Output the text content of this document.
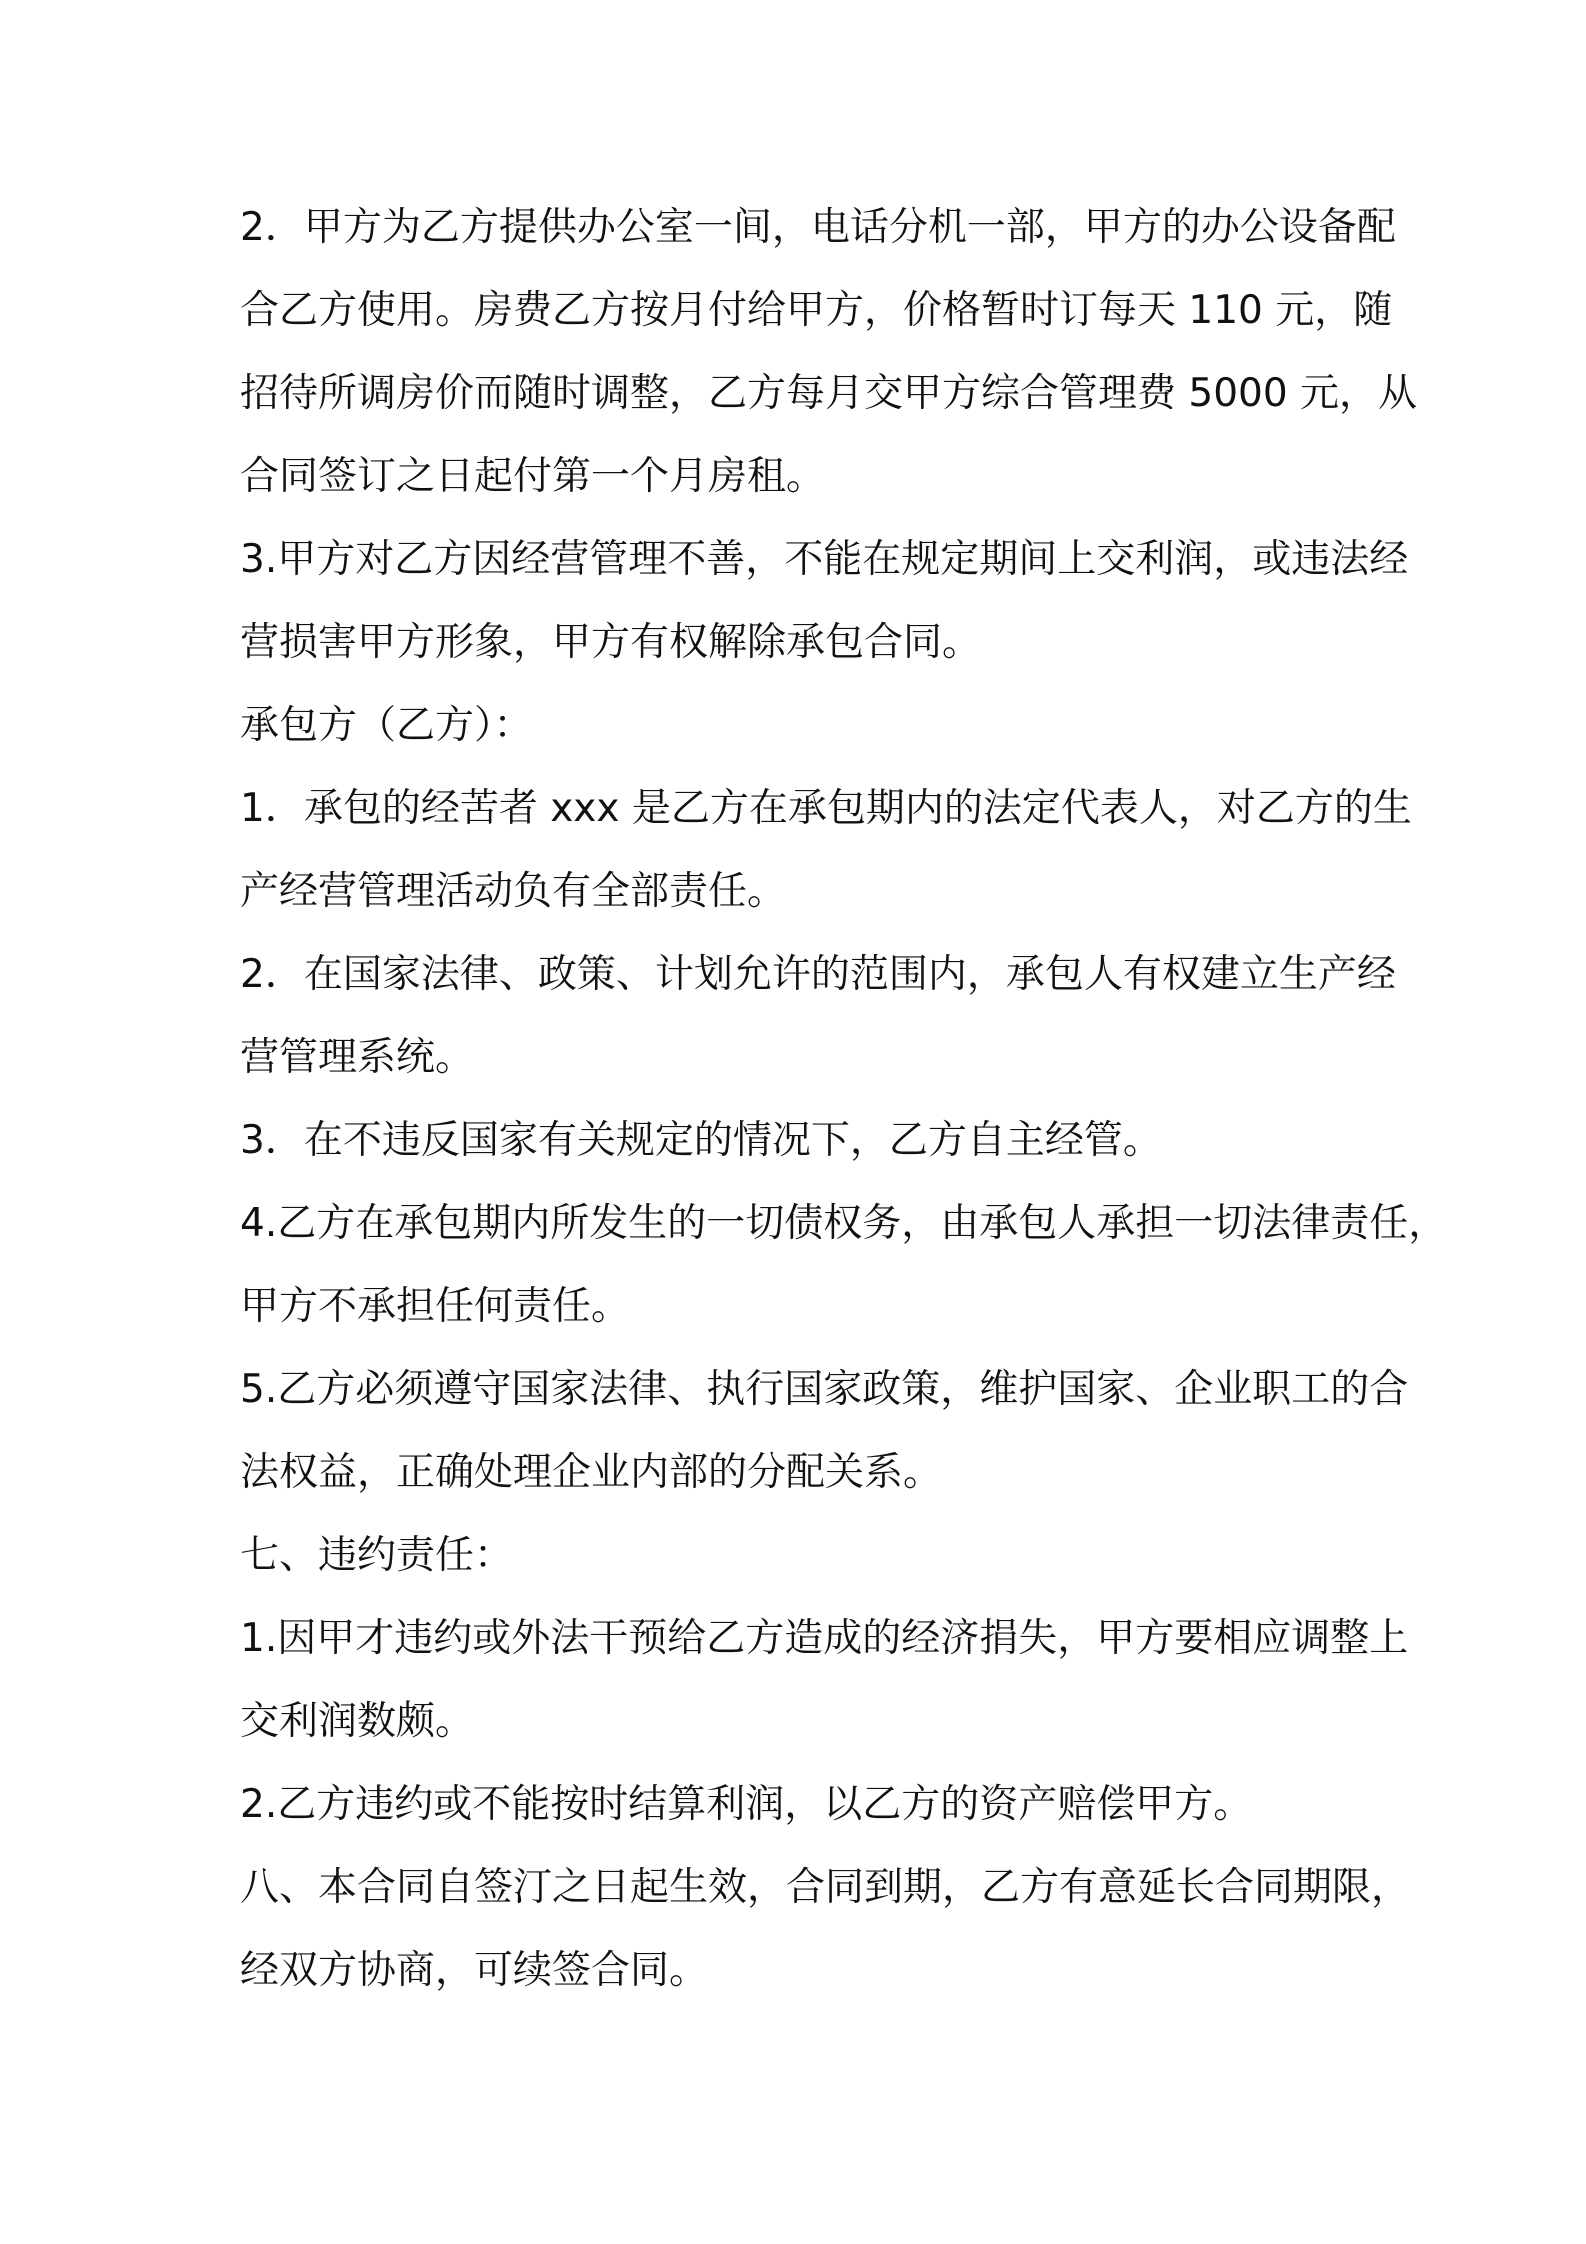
2．甲方为乙方提供办公室一间，电话分机一部，甲方的办公设备配
合乙方使用。房费乙方按月付给甲方，价格暂时订每天 110 元，随
招待所调房价而随时调整，乙方每月交甲方综合管理费 5000 元，从
合同签订之日起付第一个月房租。
3.甲方对乙方因经营管理不善，不能在规定期间上交利润，或违法经
营损害甲方形象，甲方有权解除承包合同。
承包方（乙方）：
1．承包的经苦者 xxx 是乙方在承包期内的法定代表人，对乙方的生
产经营管理活动负有全部责任。
2．在国家法律、政策、计划允许的范围内，承包人有权建立生产经
营管理系统。
3．在不违反国家有关规定的情况下，乙方自主经管。
4.乙方在承包期内所发生的一切债权务，由承包人承担一切法律责任，
甲方不承担任何责任。
5.乙方必须遵守国家法律、执行国家政策，维护国家、企业职工的合
法权益，正确处理企业内部的分配关系。
七、违约责任：
1.因甲才违约或外法干预给乙方造成的经济捐失，甲方要相应调整上
交利润数颇。
2.乙方违约或不能按时结算利润，以乙方的资产赔偿甲方。
八、本合同自签汀之日起生效，合同到期，乙方有意延长合同期限，
经双方协商，可续签合同。
